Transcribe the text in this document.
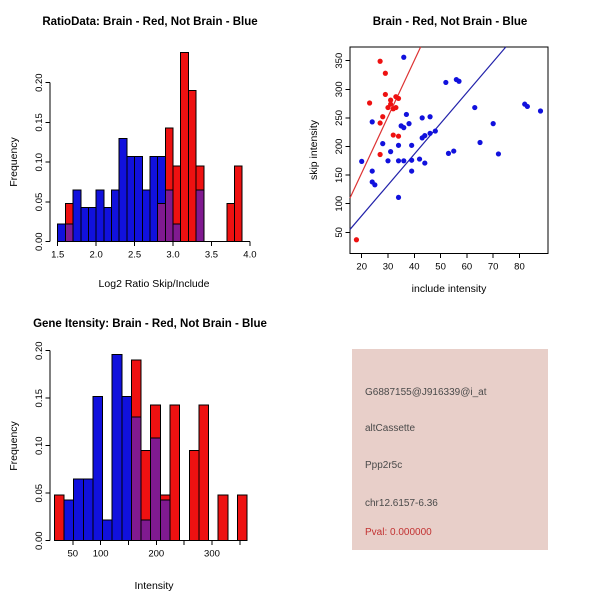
1.5	2.0	2.5	3.0	3.5	4.0
0.00
0.05
0.10
0.15
0.20
RatioData: Brain - Red, Not Brain - Blue
Log2 Ratio Skip/Include
Frequency
20 30 40 50 60 70 80
50
100
150
200
250
300
350
Brain - Red, Not Brain - Blue
include intensity
skip intensity
50 100	200	300
0.00
0.05
0.10
0.15
0.20
Gene Itensity: Brain - Red, Not Brain - Blue
Intensity
Frequency
G6887155@J916339@i_at
altCassette
Ppp2r5c
chr12.6157-6.36
Pval: 0.000000
